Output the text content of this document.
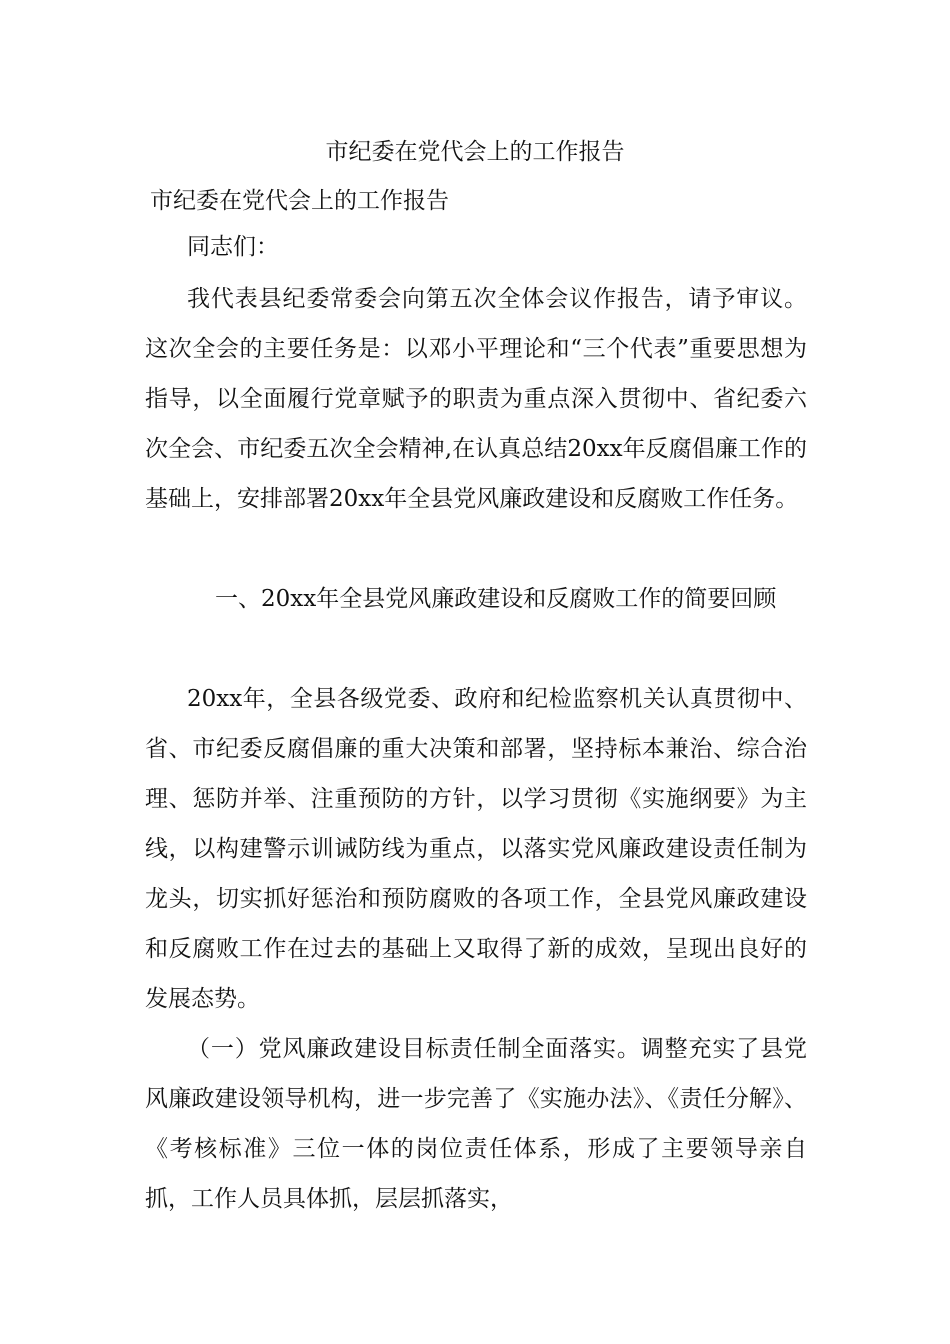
市纪委在党代会上的工作报告
市纪委在党代会上的工作报告

同志们：

我代表县纪委常委会向第五次全体会议作报告，请予审议。这次全会的主要任务是：以邓小平理论和“三个代表”重要思想为指导，以全面履行党章赋予的职责为重点深入贯彻中、省纪委六次全会、市纪委五次全会精神,在认真总结20xx年反腐倡廉工作的基础上，安排部署20xx年全县党风廉政建设和反腐败工作任务。

一、20xx年全县党风廉政建设和反腐败工作的简要回顾

20xx年，全县各级党委、政府和纪检监察机关认真贯彻中、省、市纪委反腐倡廉的重大决策和部署，坚持标本兼治、综合治理、惩防并举、注重预防的方针，以学习贯彻《实施纲要》为主线，以构建警示训诫防线为重点，以落实党风廉政建设责任制为龙头，切实抓好惩治和预防腐败的各项工作，全县党风廉政建设和反腐败工作在过去的基础上又取得了新的成效，呈现出良好的发展态势。

（一）党风廉政建设目标责任制全面落实。调整充实了县党风廉政建设领导机构，进一步完善了《实施办法》、《责任分解》、《考核标准》三位一体的岗位责任体系，形成了主要领导亲自抓，工作人员具体抓，层层抓落实，
